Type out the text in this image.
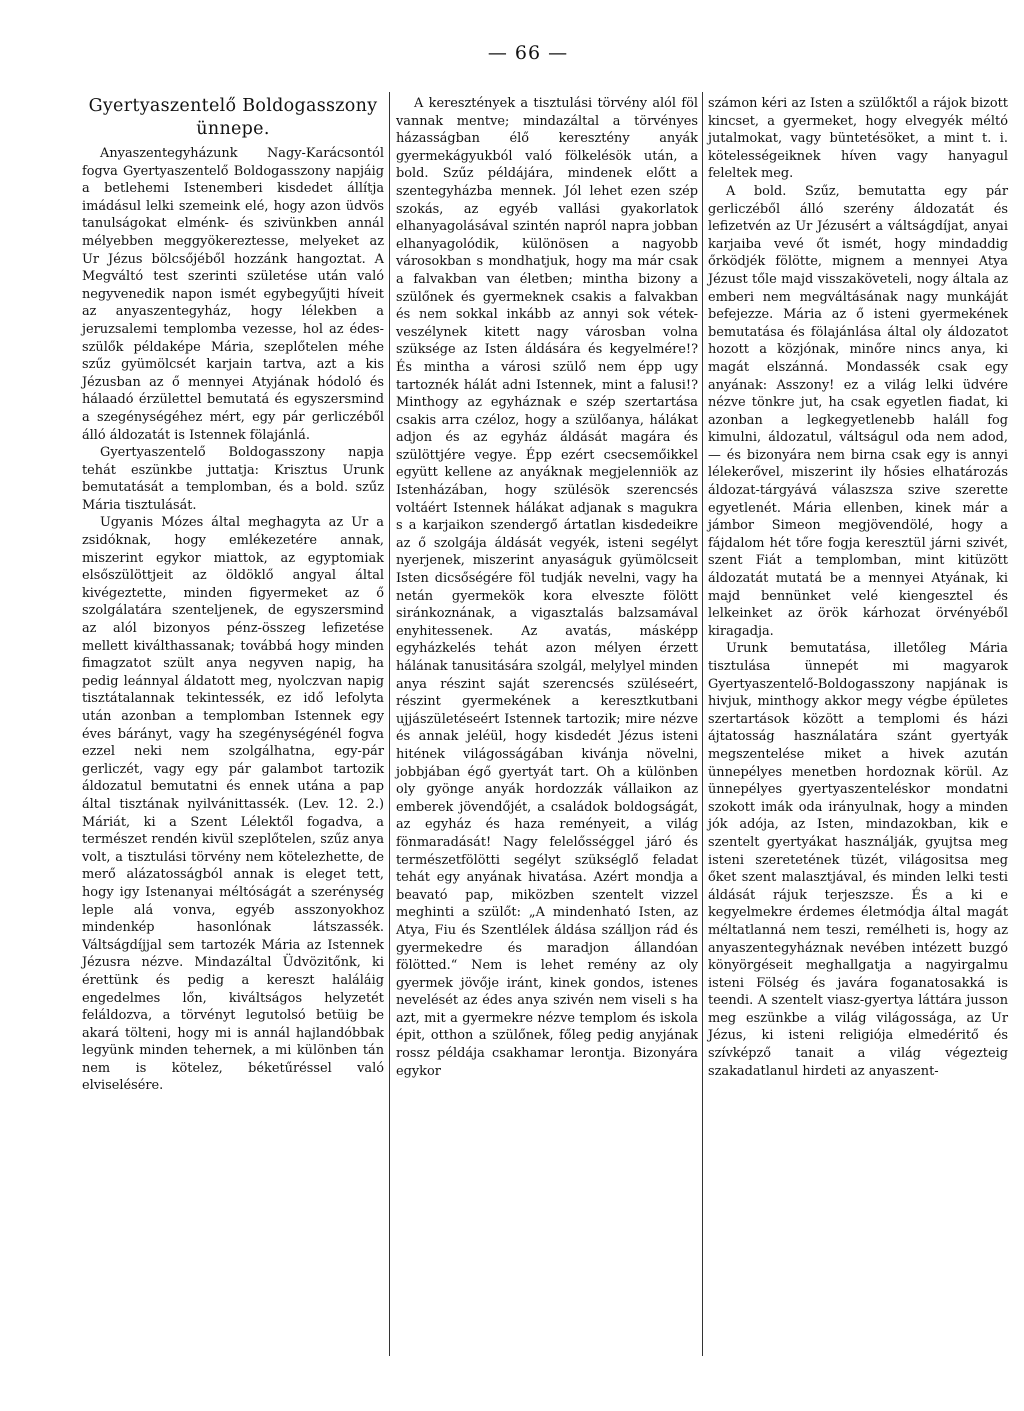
— 66 —
Gyertyaszentelő Boldogasszony ünnepe.

Anyaszentegyházunk Nagy-Karácsontól fogva Gyertyaszentelő Boldogasszony napjáig a betlehemi Istenemberi kisdedet állítja imádásul lelki szemeink elé, hogy azon üdvös tanulságokat elménk- és szivünkben annál mélyebben meggyökereztesse, melyeket az Ur Jézus bölcsőjéből hozzánk hangoztat. A Megváltó test szerinti születése után való negyvenedik napon ismét egybegyűjti híveit az anyaszentegyház, hogy lélekben a jeruzsalemi templomba vezesse, hol az édes-szülők példaképe Mária, szeplőtelen méhe szűz gyümölcsét karjain tartva, azt a kis Jézusban az ő mennyei Atyjának hódoló és hálaadó érzülettel bemutatá és egyszersmind a szegénységéhez mért, egy pár gerliczéből álló áldozatát is Istennek fölajánlá.

Gyertyaszentelő Boldogasszony napja tehát eszünkbe juttatja: Krisztus Urunk bemutatását a templomban, és a bold. szűz Mária tisztulását.

Ugyanis Mózes által meghagyta az Ur a zsidóknak, hogy emlékezetére annak, miszerint egykor miattok, az egyptomiak elsőszülöttjeit az öldöklő angyal által kivégeztette, minden figyermeket az ő szolgálatára szenteljenek, de egyszersmind az alól bizonyos pénz-összeg lefizetése mellett kiválthassanak; továbbá hogy minden fimagzatot szült anya negyven napig, ha pedig leánnyal áldatott meg, nyolczvan napig tisztátalannak tekintessék, ez idő lefolyta után azonban a templomban Istennek egy éves bárányt, vagy ha szegénységénél fogva ezzel neki nem szolgálhatna, egy-pár gerliczét, vagy egy pár galambot tartozik áldozatul bemutatni és ennek utána a pap által tisztának nyilvánittassék. (Lev. 12. 2.) Máriát, ki a Szent Lélektől fogadva, a természet rendén kivül szeplőtelen, szűz anya volt, a tisztulási törvény nem kötelezhette, de merő alázatosságból annak is eleget tett, hogy igy Istenanyai méltóságát a szerénység leple alá vonva, egyéb asszonyokhoz mindenkép hasonlónak látszassék. Váltságdíjjal sem tartozék Mária az Istennek Jézusra nézve. Mindazáltal Üdvözitőnk, ki érettünk és pedig a kereszt haláláig engedelmes lőn, kiváltságos helyzetét feláldozva, a törvényt legutolsó betüig be akará tölteni, hogy mi is annál hajlandóbbak legyünk minden tehernek, a mi különben tán nem is kötelez, béketűréssel való elviselésére.

A keresztények a tisztulási törvény alól föl vannak mentve; mindazáltal a törvényes házasságban élő keresztény anyák gyermekágyukból való fölkelésök után, a bold. Szűz példájára, mindenek előtt a szentegyházba mennek. Jól lehet ezen szép szokás, az egyéb vallási gyakorlatok elhanyagolásával szintén napról napra jobban elhanyagolódik, különösen a nagyobb városokban s mondhatjuk, hogy ma már csak a falvakban van életben; mintha bizony a szülőnek és gyermeknek csakis a falvakban és nem sokkal inkább az annyi sok vétek-veszélynek kitett nagy városban volna szüksége az Isten áldására és kegyelmére!? És mintha a városi szülő nem épp ugy tartoznék hálát adni Istennek, mint a falusi!? Minthogy az egyháznak e szép szertartása csakis arra czéloz, hogy a szülőanya, hálákat adjon és az egyház áldását magára és szülöttjére vegye. Épp ezért csecsemőikkel együtt kellene az anyáknak megjelenniök az Istenházában, hogy szülésök szerencsés voltáért Istennek hálákat adjanak s magukra s a karjaikon szendergő ártatlan kisdedeikre az ő szolgája áldását vegyék, isteni segélyt nyerjenek, miszerint anyaságuk gyümölcseit Isten dicsőségére föl tudják nevelni, vagy ha netán gyermekök kora elveszte fölött siránkoznának, a vigasztalás balzsamával enyhitessenek. Az avatás, másképp egyházkelés tehát azon mélyen érzett hálának tanusitására szolgál, melylyel minden anya részint saját szerencsés szüléseért, részint gyermekének a keresztkutbani ujjászületéseért Istennek tartozik; mire nézve és annak jeléül, hogy kisdedét Jézus isteni hitének világosságában kivánja növelni, jobbjában égő gyertyát tart. Oh a különben oly gyönge anyák hordozzák vállaikon az emberek jövendőjét, a családok boldogságát, az egyház és haza reményeit, a világ fönmaradását! Nagy felelősséggel járó és természetfölötti segélyt szükséglő feladat tehát egy anyának hivatása. Azért mondja a beavató pap, miközben szentelt vizzel meghinti a szülőt: „A mindenható Isten, az Atya, Fiu és Szentlélek áldása szálljon rád és gyermekedre és maradjon állandóan fölötted.“ Nem is lehet remény az oly gyermek jövője iránt, kinek gondos, istenes nevelését az édes anya szivén nem viseli s ha azt, mit a gyermekre nézve templom és iskola épit, otthon a szülőnek, főleg pedig anyjának rossz példája csakhamar lerontja. Bizonyára egykor

számon kéri az Isten a szülőktől a rájok bizott kincset, a gyermeket, hogy elvegyék méltó jutalmokat, vagy büntetésöket, a mint t. i. kötelességeiknek híven vagy hanyagul feleltek meg.

A bold. Szűz, bemutatta egy pár gerliczéből álló szerény áldozatát és lefizetvén az Ur Jézusért a váltságdíjat, anyai karjaiba vevé őt ismét, hogy mindaddig őrködjék fölötte, mignem a mennyei Atya Jézust tőle majd visszaköveteli, nogy általa az emberi nem megváltásának nagy munkáját befejezze. Mária az ő isteni gyermekének bemutatása és fölajánlása által oly áldozatot hozott a közjónak, minőre nincs anya, ki magát elszánná. Mondassék csak egy anyának: Asszony! ez a világ lelki üdvére nézve tönkre jut, ha csak egyetlen fiadat, ki azonban a legkegyetlenebb haláll fog kimulni, áldozatul, váltságul oda nem adod, — és bizonyára nem birna csak egy is annyi lélekerővel, miszerint ily hősies elhatározás áldozat-tárgyává válaszsza szive szerette egyetlenét. Mária ellenben, kinek már a jámbor Simeon megjövendölé, hogy a fájdalom hét tőre fogja keresztül járni szivét, szent Fiát a templomban, mint kitüzött áldozatát mutatá be a mennyei Atyának, ki majd bennünket velé kiengesztel és lelkeinket az örök kárhozat örvényéből kiragadja.

Urunk bemutatása, illetőleg Mária tisztulása ünnepét mi magyarok Gyertyaszentelő-Boldogasszony napjának is hivjuk, minthogy akkor megy végbe épületes szertartások között a templomi és házi ájtatosság használatára szánt gyertyák megszentelése miket a hivek azután ünnepélyes menetben hordoznak körül. Az ünnepélyes gyertyaszenteléskor mondatni szokott imák oda irányulnak, hogy a minden jók adója, az Isten, mindazokban, kik e szentelt gyertyákat használják, gyujtsa meg isteni szeretetének tüzét, világositsa meg őket szent malasztjával, és minden lelki testi áldását rájuk terjeszsze. És a ki e kegyelmekre érdemes életmódja által magát méltatlanná nem teszi, remélheti is, hogy az anyaszentegyháznak nevében intézett buzgó könyörgéseit meghallgatja a nagyirgalmu isteni Fölség és javára foganatosakká is teendi. A szentelt viasz-gyertya láttára jusson meg eszünkbe a világ világossága, az Ur Jézus, ki isteni religiója elmedéritő és szívképző tanait a világ végezteig szakadatlanul hirdeti az anyaszent-
